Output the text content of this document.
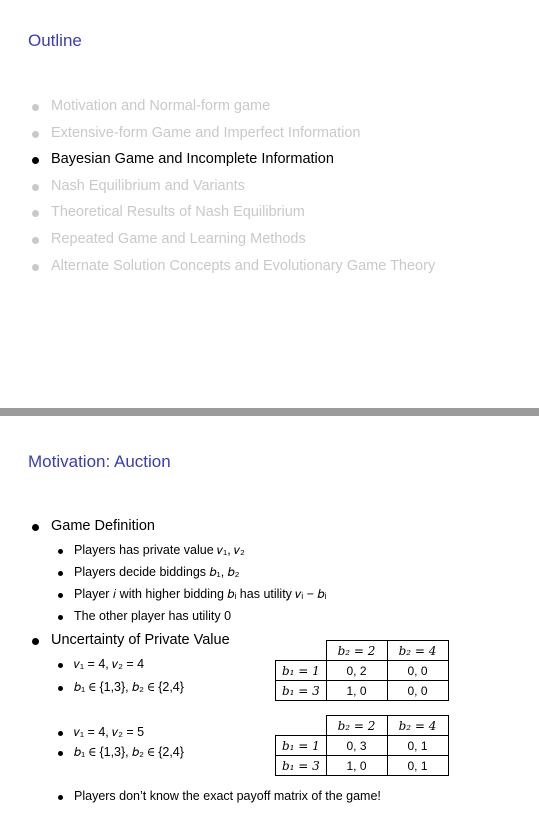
Outline
Motivation and Normal-form game
Extensive-form Game and Imperfect Information
Bayesian Game and Incomplete Information
Nash Equilibrium and Variants
Theoretical Results of Nash Equilibrium
Repeated Game and Learning Methods
Alternate Solution Concepts and Evolutionary Game Theory
Motivation: Auction
Game Definition
Players has private value 𝑣₁, 𝑣₂
Players decide biddings 𝑏₁, 𝑏₂
Player 𝑖 with higher bidding 𝑏ᵢ has utility 𝑣ᵢ − 𝑏ᵢ
The other player has utility 0
Uncertainty of Private Value
𝑣₁ = 4, 𝑣₂ = 4
𝑏₁ ∈ {1,3}, 𝑏₂ ∈ {2,4}
	𝑏₂ = 2	𝑏₂ = 4
𝑏₁ = 1	0, 2	0, 0
𝑏₁ = 3	1, 0	0, 0
𝑣₁ = 4, 𝑣₂ = 5
𝑏₁ ∈ {1,3}, 𝑏₂ ∈ {2,4}
	𝑏₂ = 2	𝑏₂ = 4
𝑏₁ = 1	0, 3	0, 1
𝑏₁ = 3	1, 0	0, 1
Players don’t know the exact payoff matrix of the game!
